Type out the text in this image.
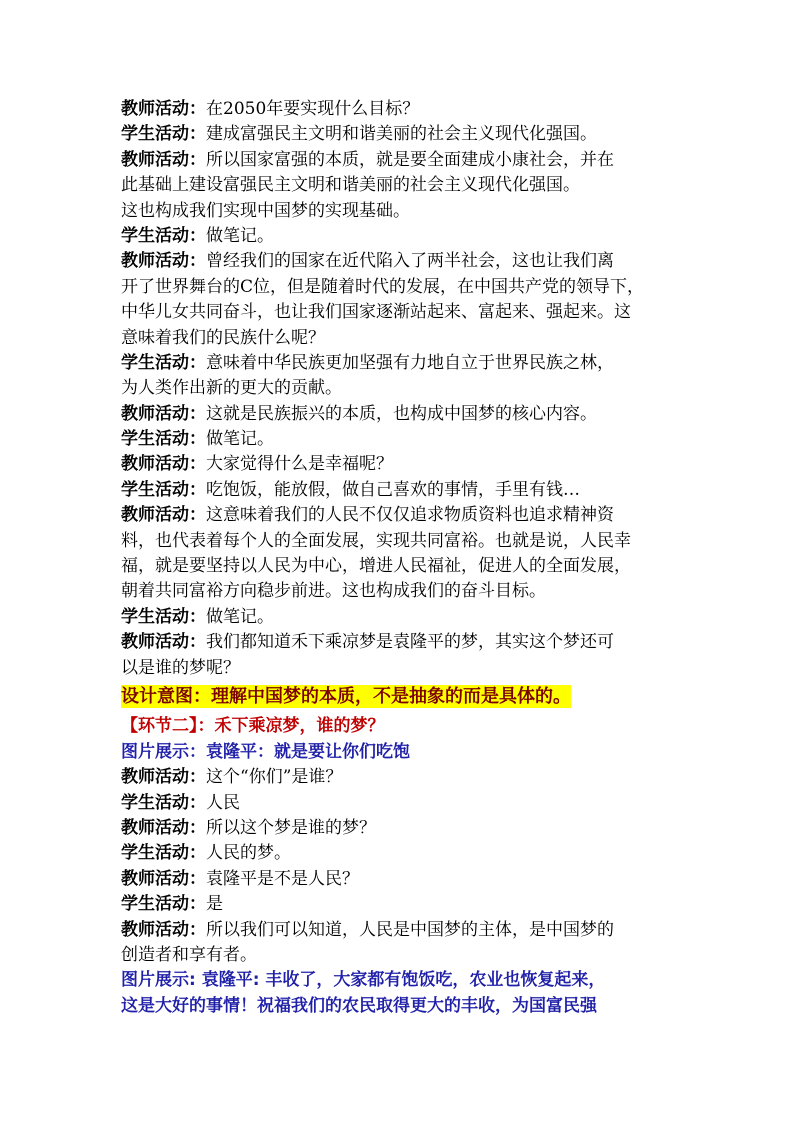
教师活动：在2050年要实现什么目标？
学生活动：建成富强民主文明和谐美丽的社会主义现代化强国。
教师活动：所以国家富强的本质，就是要全面建成小康社会，并在
此基础上建设富强民主文明和谐美丽的社会主义现代化强国。
这也构成我们实现中国梦的实现基础。
学生活动：做笔记。
教师活动：曾经我们的国家在近代陷入了两半社会，这也让我们离
开了世界舞台的C位，但是随着时代的发展，在中国共产党的领导下，
中华儿女共同奋斗，也让我们国家逐渐站起来、富起来、强起来。这
意味着我们的民族什么呢？
学生活动：意味着中华民族更加坚强有力地自立于世界民族之林，
为人类作出新的更大的贡献。
教师活动：这就是民族振兴的本质，也构成中国梦的核心内容。
学生活动：做笔记。
教师活动：大家觉得什么是幸福呢？
学生活动：吃饱饭，能放假，做自己喜欢的事情，手里有钱…
教师活动：这意味着我们的人民不仅仅追求物质资料也追求精神资
料，也代表着每个人的全面发展，实现共同富裕。也就是说，人民幸
福，就是要坚持以人民为中心，增进人民福祉，促进人的全面发展，
朝着共同富裕方向稳步前进。这也构成我们的奋斗目标。
学生活动：做笔记。
教师活动：我们都知道禾下乘凉梦是袁隆平的梦，其实这个梦还可
以是谁的梦呢？
设计意图：理解中国梦的本质，不是抽象的而是具体的。
【环节二】：禾下乘凉梦，谁的梦？
图片展示：袁隆平：就是要让你们吃饱
教师活动：这个“你们”是谁？
学生活动：人民
教师活动：所以这个梦是谁的梦？
学生活动：人民的梦。
教师活动：袁隆平是不是人民？
学生活动：是
教师活动：所以我们可以知道，人民是中国梦的主体，是中国梦的
创造者和享有者。
图片展示: 袁隆平: 丰收了，大家都有饱饭吃，农业也恢复起来，
这是大好的事情！祝福我们的农民取得更大的丰收，为国富民强
